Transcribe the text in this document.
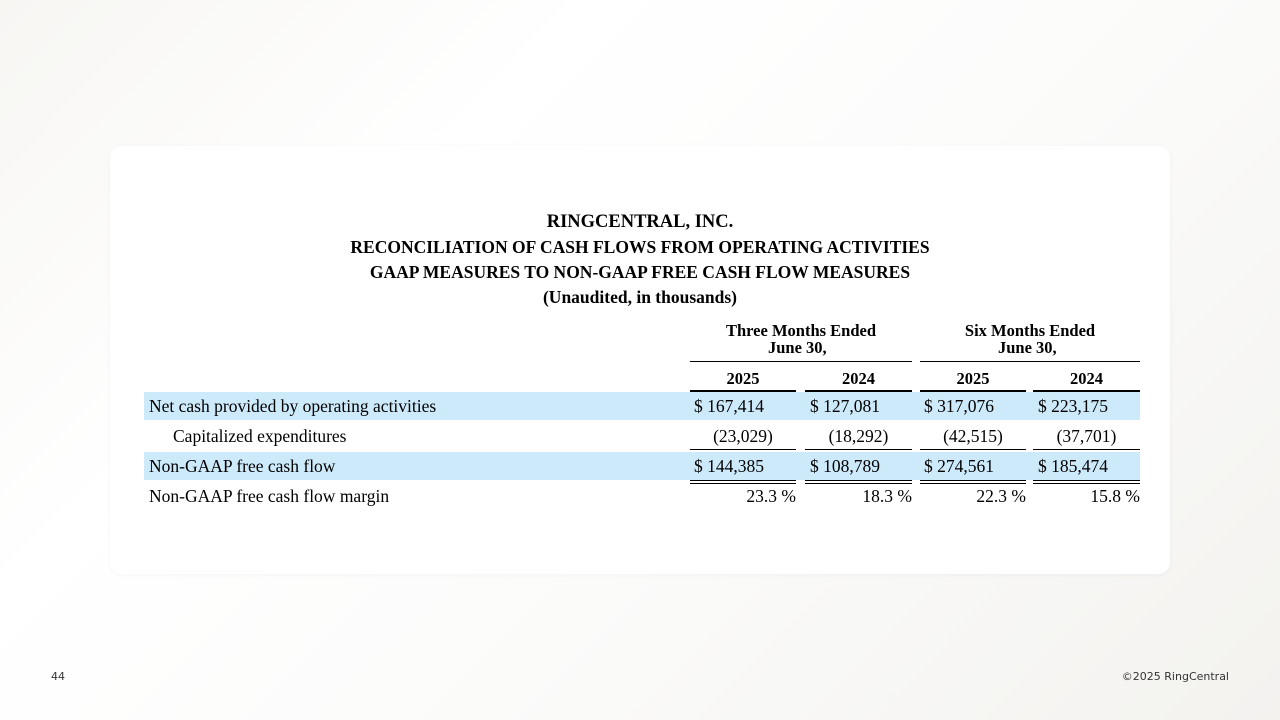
RINGCENTRAL, INC.
RECONCILIATION OF CASH FLOWS FROM OPERATING ACTIVITIES
GAAP MEASURES TO NON-GAAP FREE CASH FLOW MEASURES
(Unaudited, in thousands)
Three Months Ended
June 30,
Six Months Ended
June 30,
2025	2024	2025	2024
Net cash provided by operating activities	$ 167,414	$ 127,081	$ 317,076	$ 223,175
Capitalized expenditures	(23,029)	(18,292)	(42,515)	(37,701)
Non-GAAP free cash flow	$ 144,385	$ 108,789	$ 274,561	$ 185,474
Non-GAAP free cash flow margin	23.3 %	18.3 %	22.3 %	15.8 %
44	©2025 RingCentral
